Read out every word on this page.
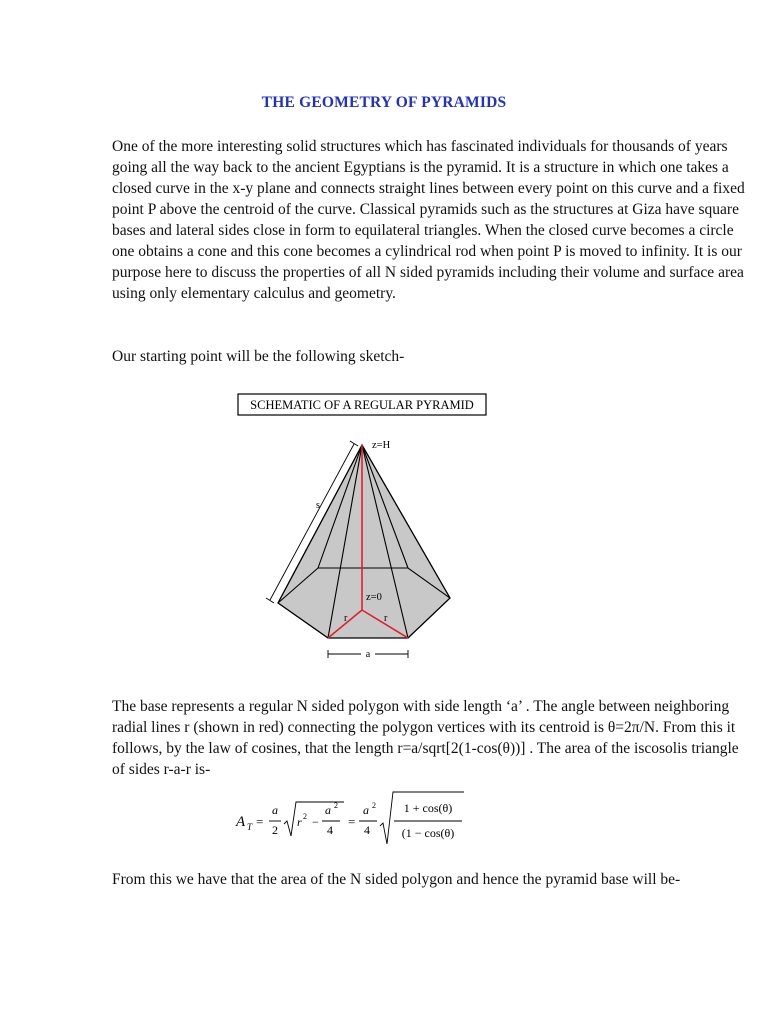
THE GEOMETRY OF PYRAMIDS

One of the more interesting solid structures which has fascinated individuals for thousands of years going all the way back to the ancient Egyptians is the pyramid. It is a structure in which one takes a closed curve in the x-y plane and connects straight lines between every point on this curve and a fixed point P above the centroid of the curve. Classical pyramids such as the structures at Giza have square bases and lateral sides close in form to equilateral triangles. When the closed curve becomes a circle one obtains a cone and this cone becomes a cylindrical rod when point P is moved to infinity. It is our purpose here to discuss the properties of all N sided pyramids including their volume and surface area using only elementary calculus and geometry.

Our starting point will be the following sketch-

SCHEMATIC OF A REGULAR PYRAMID
s
a
z=H
z=0
r	r

The base represents a regular N sided polygon with side length ‘a’ . The angle between neighboring radial lines r (shown in red) connecting the polygon vertices with its centroid is θ=2π/N. From this it follows, by the law of cosines, that the length r=a/sqrt[2(1-cos(θ))] . The area of the iscosolis triangle of sides r-a-r is-

A T =
a
2
r 2 −
a 2
4
=
a 2
4
1 + cos(θ)
(1 − cos(θ)

From this we have that the area of the N sided polygon and hence the pyramid base will be-
